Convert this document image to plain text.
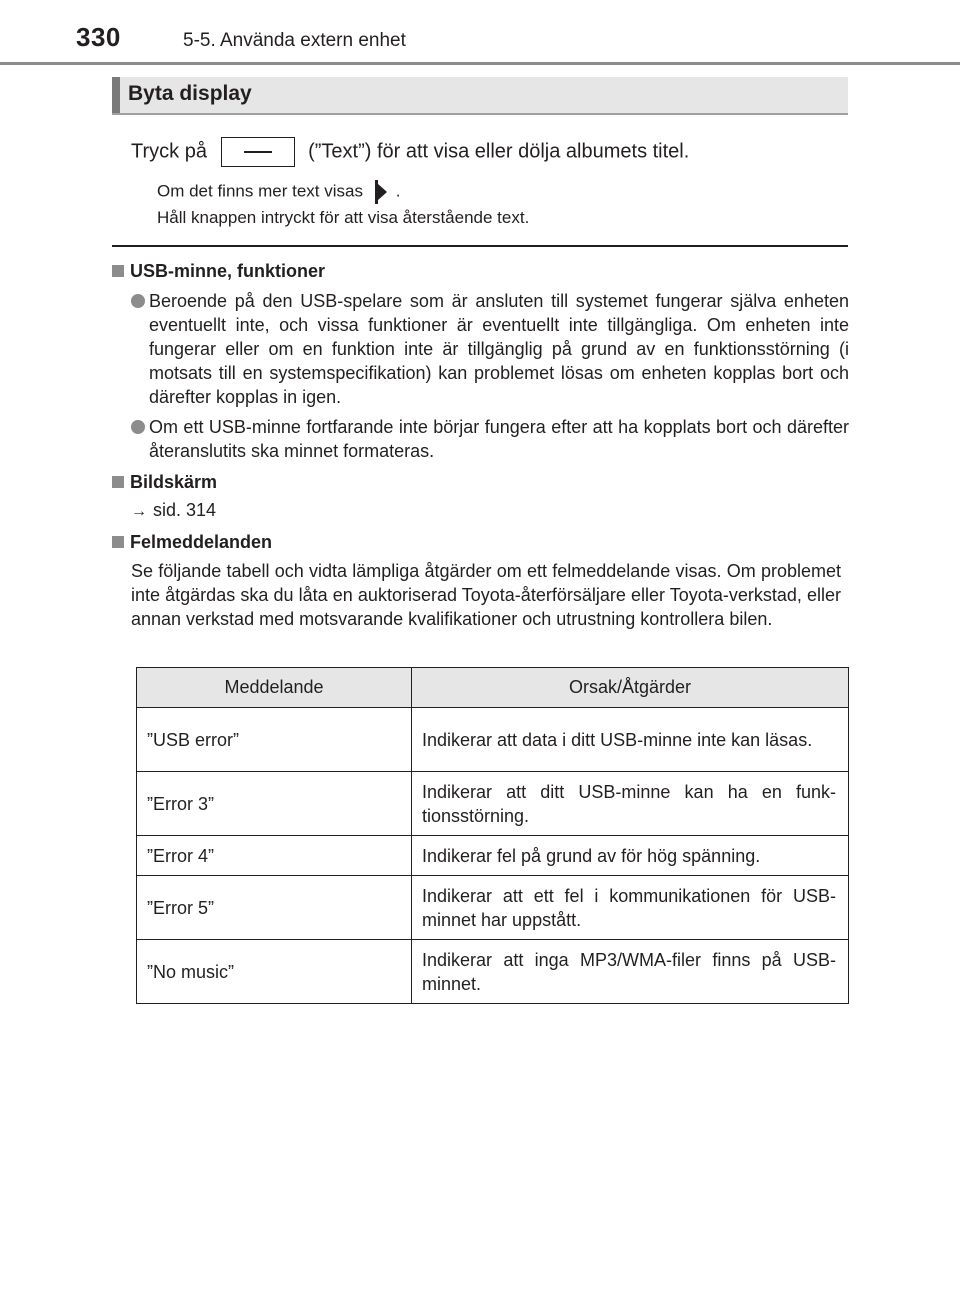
330	5-5. Använda extern enhet
Byta display
Tryck på	(”Text”) för att visa eller dölja albumets titel.
Om det finns mer text visas .
Håll knappen intryckt för att visa återstående text.
USB-minne, funktioner
Beroende på den USB-spelare som är ansluten till systemet fungerar själva enheten eventuellt inte, och vissa funktioner är eventuellt inte tillgängliga. Om enheten inte fungerar eller om en funktion inte är tillgänglig på grund av en funktionsstörning (i motsats till en systemspecifikation) kan problemet lösas om enheten kopplas bort och därefter kopplas in igen.
Om ett USB-minne fortfarande inte börjar fungera efter att ha kopplats bort och därefter återanslutits ska minnet formateras.
Bildskärm
→ sid. 314
Felmeddelanden
Se följande tabell och vidta lämpliga åtgärder om ett felmeddelande visas. Om problemet inte åtgärdas ska du låta en auktoriserad Toyota-återförsäljare eller Toyota-verkstad, eller annan verkstad med motsvarande kvalifikationer och utrustning kontrollera bilen.
Meddelande	Orsak/Åtgärder
”USB error”	Indikerar att data i ditt USB-minne inte kan läsas.
”Error 3”	Indikerar att ditt USB-minne kan ha en funk-tionsstörning.
”Error 4”	Indikerar fel på grund av för hög spänning.
”Error 5”	Indikerar att ett fel i kommunikationen för USB-minnet har uppstått.
”No music”	Indikerar att inga MP3/WMA-filer finns på USB-minnet.
